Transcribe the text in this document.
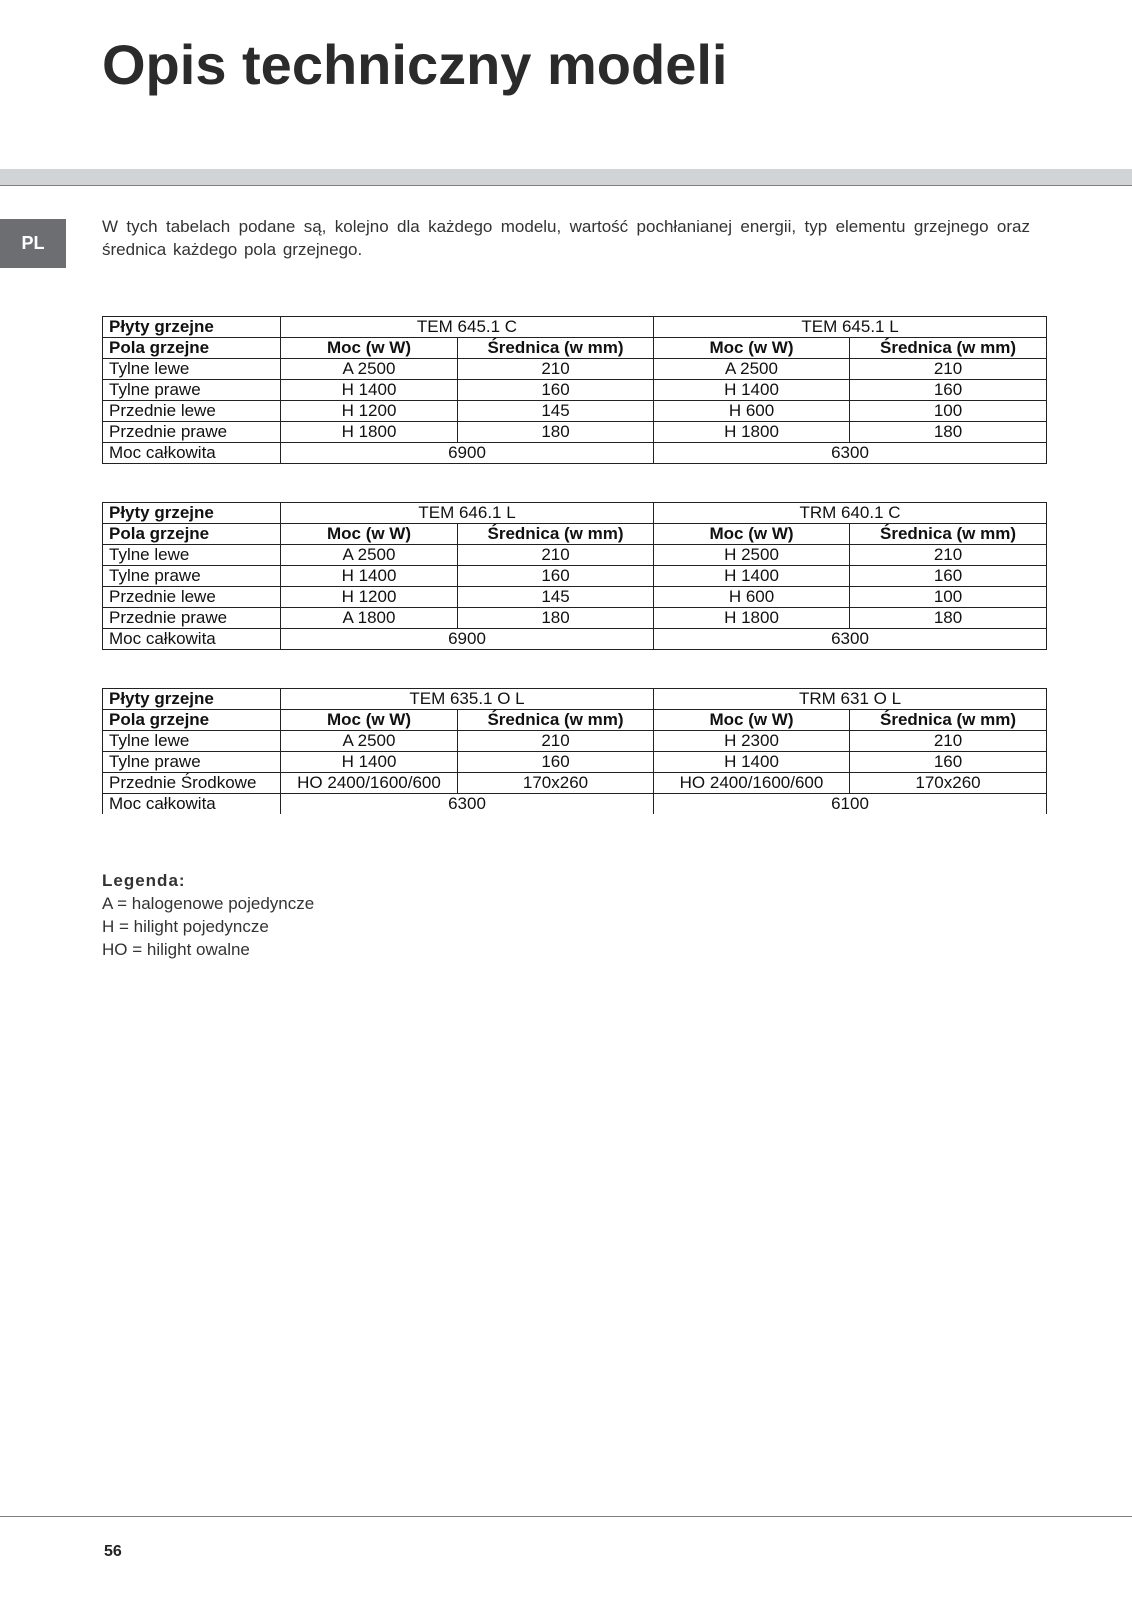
Opis techniczny modeli
PL

W tych tabelach podane są, kolejno dla każdego modelu, wartość pochłanianej energii, typ elementu grzejnego oraz średnica każdego pola grzejnego.

Płyty grzejne	TEM 645.1 C		TEM 645.1 L	
Pola grzejne	Moc (w W)	Średnica (w mm)	Moc (w W)	Średnica (w mm)
Tylne lewe	A 2500	210	A 2500	210
Tylne prawe	H 1400	160	H 1400	160
Przednie lewe	H 1200	145	H 600	100
Przednie prawe	H 1800	180	H 1800	180
Moc całkowita	6900		6300	
Płyty grzejne	TEM 646.1 L		TRM 640.1 C	
Pola grzejne	Moc (w W)	Średnica (w mm)	Moc (w W)	Średnica (w mm)
Tylne lewe	A 2500	210	H 2500	210
Tylne prawe	H 1400	160	H 1400	160
Przednie lewe	H 1200	145	H 600	100
Przednie prawe	A 1800	180	H 1800	180
Moc całkowita	6900		6300	
Płyty grzejne	TEM 635.1 O L		TRM 631 O L	
Pola grzejne	Moc (w W)	Średnica (w mm)	Moc (w W)	Średnica (w mm)
Tylne lewe	A 2500	210	H 2300	210
Tylne prawe	H 1400	160	H 1400	160
Przednie Środkowe	HO 2400/1600/600	170x260	HO 2400/1600/600	170x260
Moc całkowita	6300		6100	
Legenda:
A = halogenowe pojedyncze
H = hilight pojedyncze
HO = hilight owalne
56
